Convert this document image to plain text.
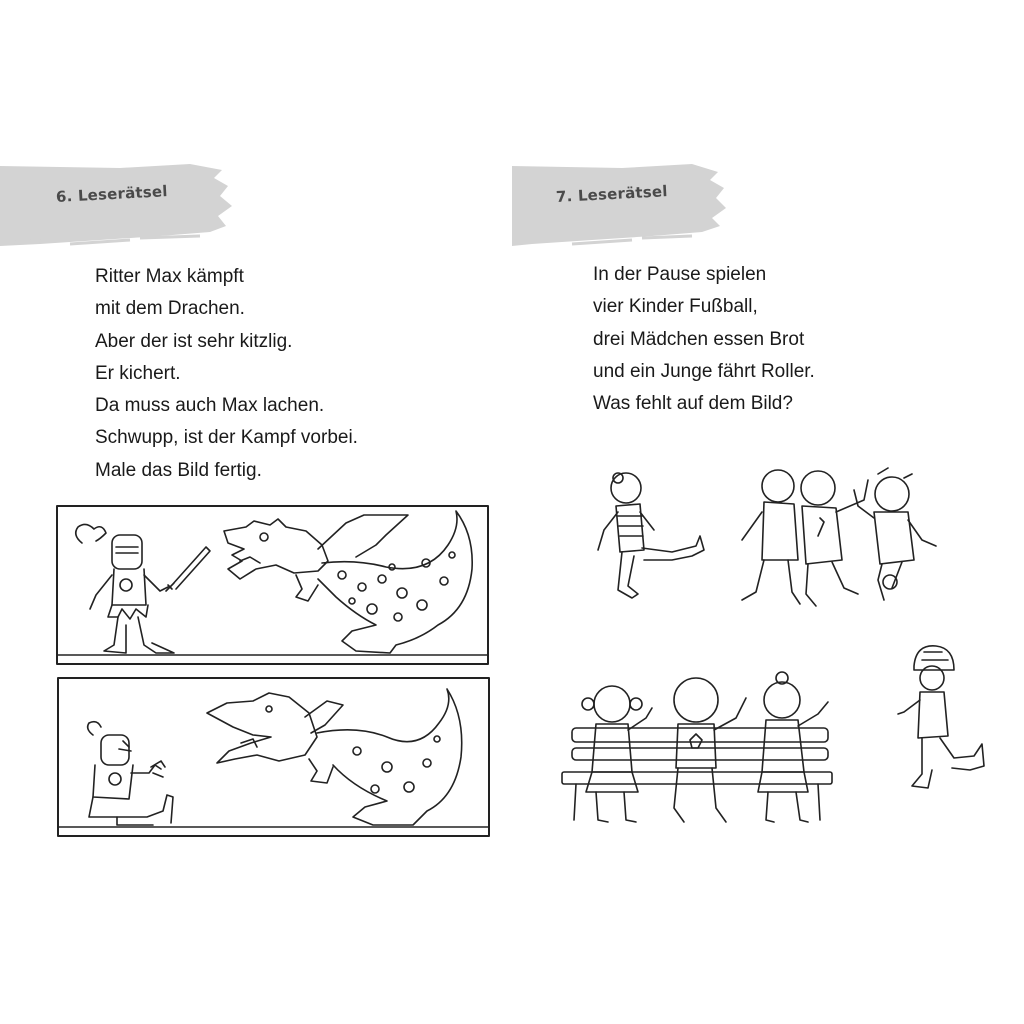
6. Leserätsel
Ritter Max kämpft
mit dem Drachen.
Aber der ist sehr kitzlig.
Er kichert.
Da muss auch Max lachen.
Schwupp, ist der Kampf vorbei.
Male das Bild fertig.
7. Leserätsel
In der Pause spielen
vier Kinder Fußball,
drei Mädchen essen Brot
und ein Junge fährt Roller.
Was fehlt auf dem Bild?
